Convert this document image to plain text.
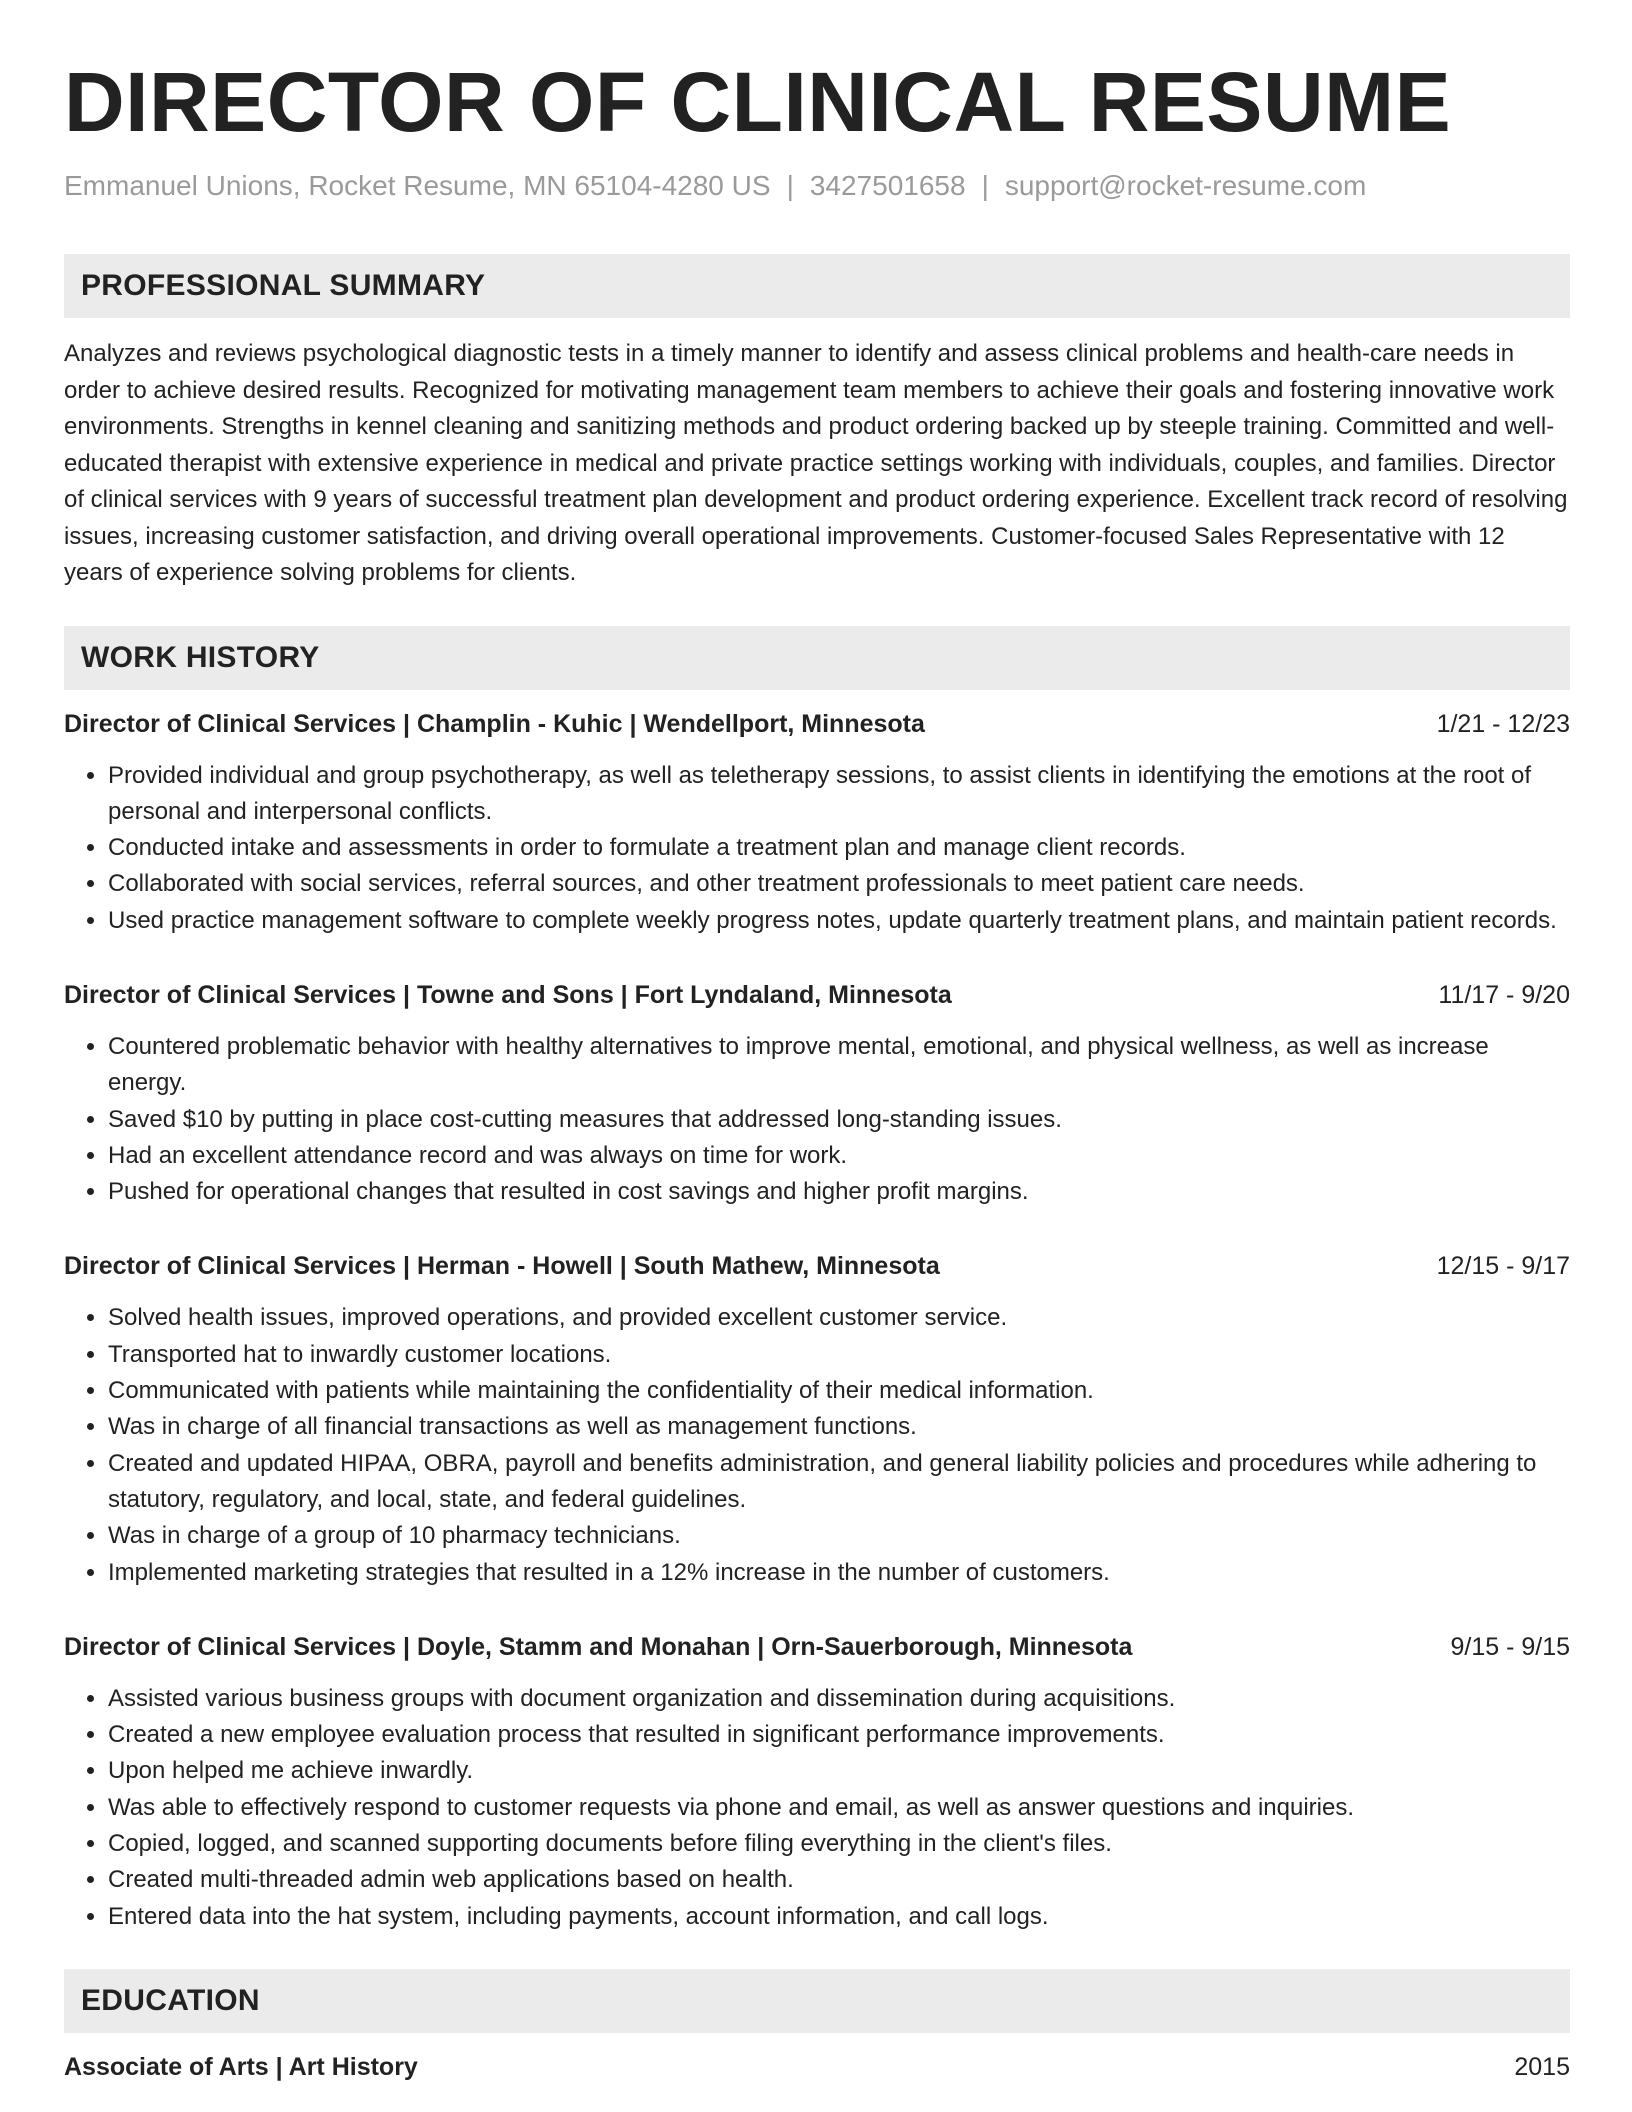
DIRECTOR OF CLINICAL RESUME
Emmanuel Unions, Rocket Resume, MN 65104-4280 US | 3427501658 | support@rocket-resume.com
PROFESSIONAL SUMMARY

Analyzes and reviews psychological diagnostic tests in a timely manner to identify and assess clinical problems and health-care needs in order to achieve desired results. Recognized for motivating management team members to achieve their goals and fostering innovative work environments. Strengths in kennel cleaning and sanitizing methods and product ordering backed up by steeple training. Committed and well-educated therapist with extensive experience in medical and private practice settings working with individuals, couples, and families. Director of clinical services with 9 years of successful treatment plan development and product ordering experience. Excellent track record of resolving issues, increasing customer satisfaction, and driving overall operational improvements. Customer-focused Sales Representative with 12 years of experience solving problems for clients.

WORK HISTORY
Director of Clinical Services | Champlin - Kuhic | Wendellport, Minnesota	1/21 - 12/23
• Provided individual and group psychotherapy, as well as teletherapy sessions, to assist clients in identifying the emotions at the root of personal and interpersonal conflicts.
• Conducted intake and assessments in order to formulate a treatment plan and manage client records.
• Collaborated with social services, referral sources, and other treatment professionals to meet patient care needs.
• Used practice management software to complete weekly progress notes, update quarterly treatment plans, and maintain patient records.
Director of Clinical Services | Towne and Sons | Fort Lyndaland, Minnesota	11/17 - 9/20
• Countered problematic behavior with healthy alternatives to improve mental, emotional, and physical wellness, as well as increase energy.
• Saved $10 by putting in place cost-cutting measures that addressed long-standing issues.
• Had an excellent attendance record and was always on time for work.
• Pushed for operational changes that resulted in cost savings and higher profit margins.
Director of Clinical Services | Herman - Howell | South Mathew, Minnesota	12/15 - 9/17
• Solved health issues, improved operations, and provided excellent customer service.
• Transported hat to inwardly customer locations.
• Communicated with patients while maintaining the confidentiality of their medical information.
• Was in charge of all financial transactions as well as management functions.
• Created and updated HIPAA, OBRA, payroll and benefits administration, and general liability policies and procedures while adhering to statutory, regulatory, and local, state, and federal guidelines.
• Was in charge of a group of 10 pharmacy technicians.
• Implemented marketing strategies that resulted in a 12% increase in the number of customers.
Director of Clinical Services | Doyle, Stamm and Monahan | Orn-Sauerborough, Minnesota	9/15 - 9/15
• Assisted various business groups with document organization and dissemination during acquisitions.
• Created a new employee evaluation process that resulted in significant performance improvements.
• Upon helped me achieve inwardly.
• Was able to effectively respond to customer requests via phone and email, as well as answer questions and inquiries.
• Copied, logged, and scanned supporting documents before filing everything in the client's files.
• Created multi-threaded admin web applications based on health.
• Entered data into the hat system, including payments, account information, and call logs.
EDUCATION
Associate of Arts | Art History	2015
